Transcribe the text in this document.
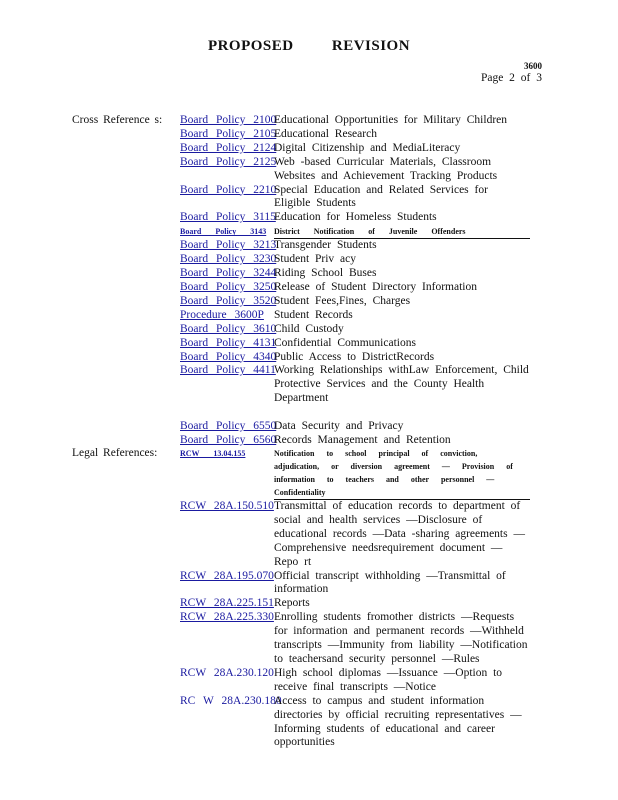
PROPOSED REVISION
3600
Page 2 of 3
Cross Reference s: Board Policy 2100
Educational Opportunities for Military Children
Board Policy 2105
Educational Research
Board Policy 2124
Digital Citizenship and MediaLiteracy
Board Policy 2125
Web -based Curricular Materials, Classroom Websites and Achievement Tracking Products
Board Policy 2210
Special Education and Related Services for Eligible Students
Board Policy 3115
Education for Homeless Students
Board Policy 3143 District Notification of Juvenile Offenders
Board Policy 3213
Transgender Students
Board Policy 3230
Student Priv acy
Board Policy 3244
Riding School Buses
Board Policy 3250
Release of Student Directory Information
Board Policy 3520
Student Fees,Fines, Charges
Procedure 3600P Student Records
Board Policy 3610
Child Custody
Board Policy 4131
Confidential Communications
Board Policy 4340
Public Access to DistrictRecords
Board Policy 4411
Working Relationships withLaw Enforcement, Child Protective Services and the County Health Department
Board Policy 6550
Data Security and Privacy
Board Policy 6560
Records Management and Retention
Legal References:	RCW 13.04.155	Notification to school principal of conviction, adjudication, or diversion agreement — Provision of information to teachers and other personnel — Confidentiality
RCW 28A.150.510 Transmittal of education records to department of social and health services —Disclosure of educational records —Data -sharing agreements — Comprehensive needsrequirement document — Repo rt
RCW 28A.195.070 Official transcript withholding —Transmittal of information
RCW 28A.225.151 Reports
RCW 28A.225.330 Enrolling students fromother districts —Requests for information and permanent records —Withheld transcripts —Immunity from liability —Notification to teachersand security personnel —Rules
RCW 28A.230.120 High school diplomas —Issuance —Option to receive final transcripts —Notice
RC W 28A.230.180
Access to campus and student information directories by official recruiting representatives — Informing students of educational and career opportunities
